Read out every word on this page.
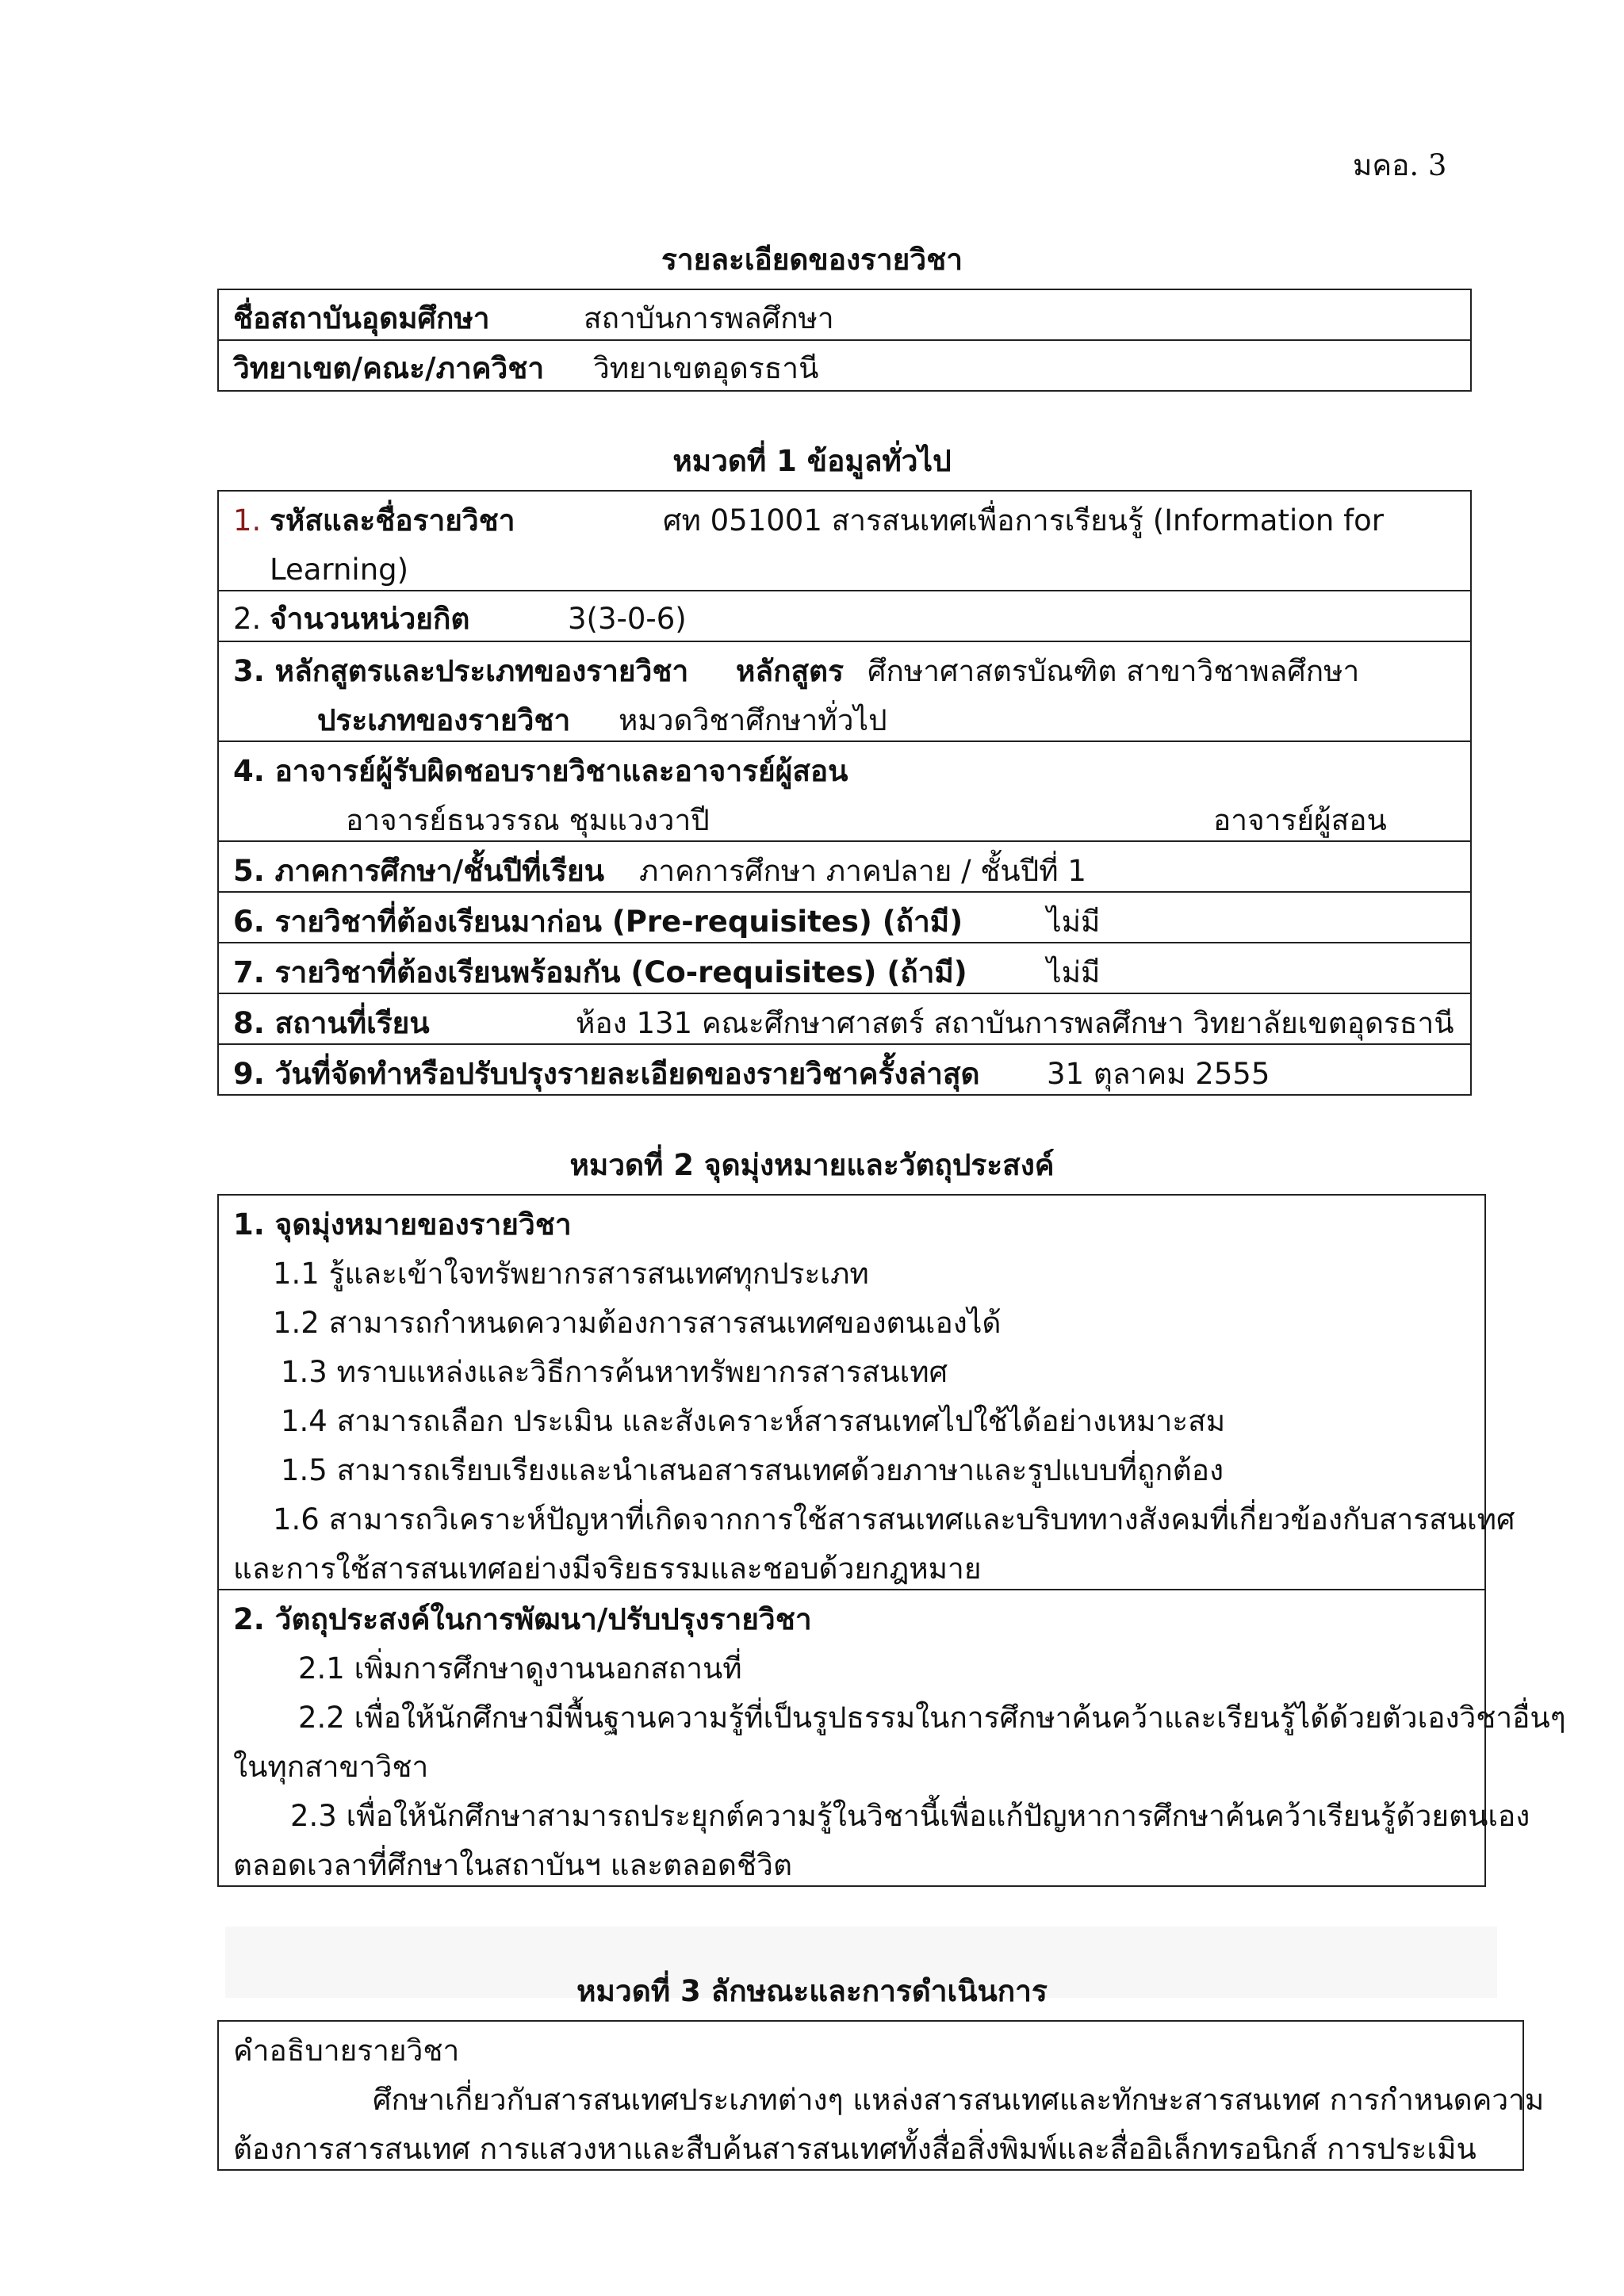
มคอ. 3
รายละเอียดของรายวิชา
ชื่อสถาบันอุดมศึกษา	สถาบันการพลศึกษา
วิทยาเขต/คณะ/ภาควิชา วิทยาเขตอุดรธานี
หมวดที่ 1 ข้อมูลทั่วไป
1. รหัสและชื่อรายวิชา	ศท 051001 สารสนเทศเพื่อการเรียนรู้ (Information for
Learning)
2. จำนวนหน่วยกิต	3(3-0-6)
3. หลักสูตรและประเภทของรายวิชา หลักสูตร ศึกษาศาสตรบัณฑิต สาขาวิชาพลศึกษา
ประเภทของรายวิชา หมวดวิชาศึกษาทั่วไป
4. อาจารย์ผู้รับผิดชอบรายวิชาและอาจารย์ผู้สอน
อาจารย์ธนวรรณ ชุมแวงวาปี	อาจารย์ผู้สอน
5. ภาคการศึกษา/ชั้นปีที่เรียน ภาคการศึกษา ภาคปลาย / ชั้นปีที่ 1
6. รายวิชาที่ต้องเรียนมาก่อน (Pre-requisites) (ถ้ามี)	ไม่มี
7. รายวิชาที่ต้องเรียนพร้อมกัน (Co-requisites) (ถ้ามี)	ไม่มี
8. สถานที่เรียน	ห้อง 131 คณะศึกษาศาสตร์ สถาบันการพลศึกษา วิทยาลัยเขตอุดรธานี
9. วันที่จัดทำหรือปรับปรุงรายละเอียดของรายวิชาครั้งล่าสุด 31 ตุลาคม 2555
หมวดที่ 2 จุดมุ่งหมายและวัตถุประสงค์
1. จุดมุ่งหมายของรายวิชา
1.1 รู้และเข้าใจทรัพยากรสารสนเทศทุกประเภท
1.2 สามารถกำหนดความต้องการสารสนเทศของตนเองได้
1.3 ทราบแหล่งและวิธีการค้นหาทรัพยากรสารสนเทศ
1.4 สามารถเลือก ประเมิน และสังเคราะห์สารสนเทศไปใช้ได้อย่างเหมาะสม
1.5 สามารถเรียบเรียงและนำเสนอสารสนเทศด้วยภาษาและรูปแบบที่ถูกต้อง
1.6 สามารถวิเคราะห์ปัญหาที่เกิดจากการใช้สารสนเทศและบริบททางสังคมที่เกี่ยวข้องกับสารสนเทศ
และการใช้สารสนเทศอย่างมีจริยธรรมและชอบด้วยกฎหมาย
2. วัตถุประสงค์ในการพัฒนา/ปรับปรุงรายวิชา
2.1 เพิ่มการศึกษาดูงานนอกสถานที่
2.2 เพื่อให้นักศึกษามีพื้นฐานความรู้ที่เป็นรูปธรรมในการศึกษาค้นคว้าและเรียนรู้ได้ด้วยตัวเองวิชาอื่นๆ
ในทุกสาขาวิชา
2.3 เพื่อให้นักศึกษาสามารถประยุกต์ความรู้ในวิชานี้เพื่อแก้ปัญหาการศึกษาค้นคว้าเรียนรู้ด้วยตนเอง
ตลอดเวลาที่ศึกษาในสถาบันฯ และตลอดชีวิต
หมวดที่ 3 ลักษณะและการดำเนินการ
คำอธิบายรายวิชา
ศึกษาเกี่ยวกับสารสนเทศประเภทต่างๆ แหล่งสารสนเทศและทักษะสารสนเทศ การกำหนดความ
ต้องการสารสนเทศ การแสวงหาและสืบค้นสารสนเทศทั้งสื่อสิ่งพิมพ์และสื่ออิเล็กทรอนิกส์ การประเมิน
